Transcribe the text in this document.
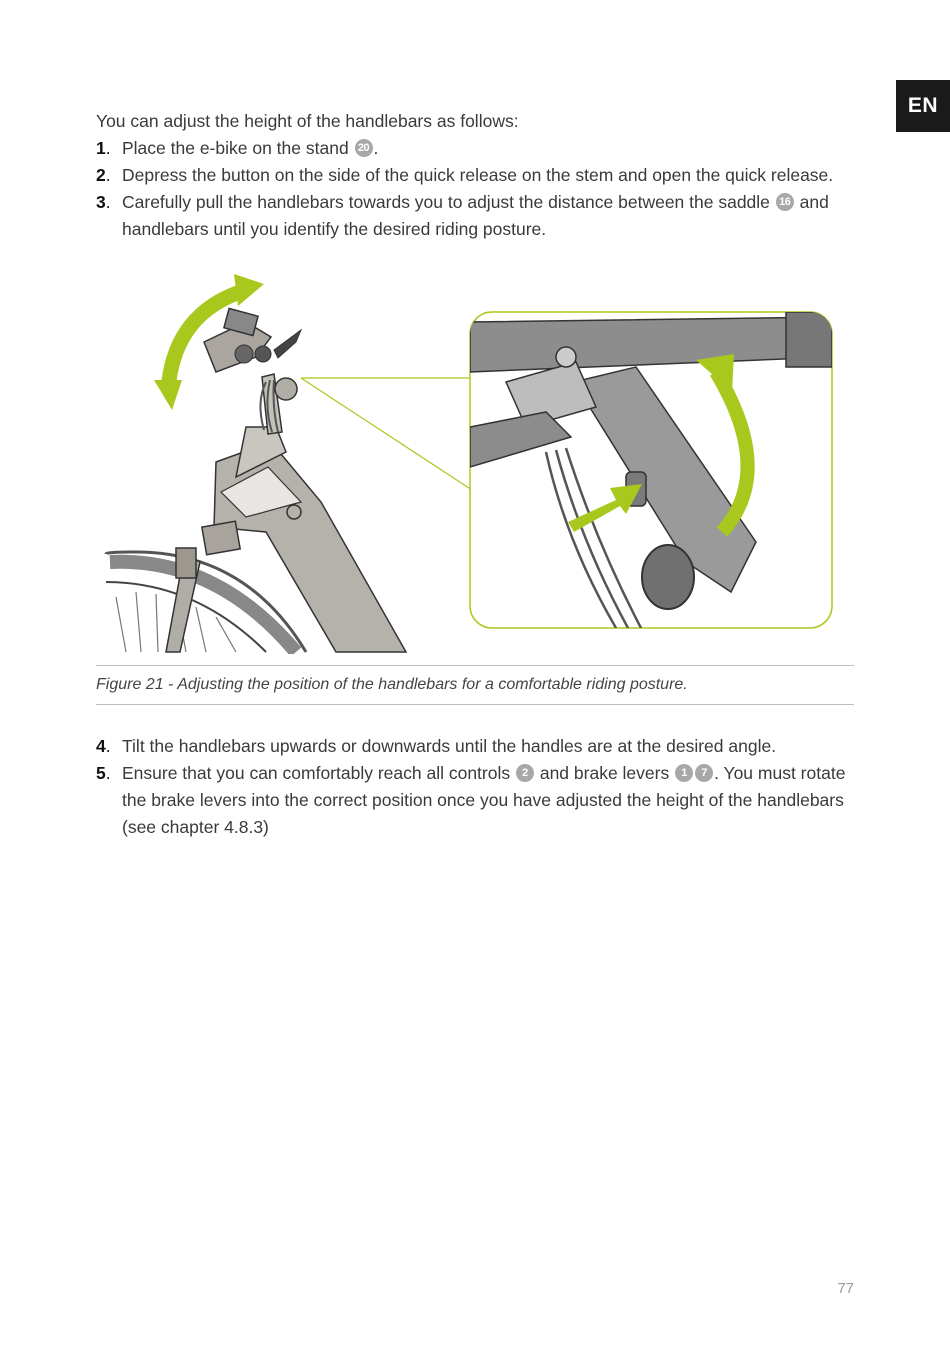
EN
You can adjust the height of the handlebars as follows:
1 . Place the e-bike on the stand 20 .
2 . Depress the button on the side of the quick release on the stem and open the quick release.
3 . Carefully pull the handlebars towards you to adjust the distance between the saddle 16 and handlebars until you identify the desired riding posture.
Figure 21 - Adjusting the position of the handlebars for a comfortable riding posture.
4 . Tilt the handlebars upwards or downwards until the handles are at the desired angle.
5 . Ensure that you can comfortably reach all controls 2 and brake levers 1 7 . You must rotate the brake levers into the correct position once you have adjusted the height of the handlebars (see chapter 4.8.3)
77
